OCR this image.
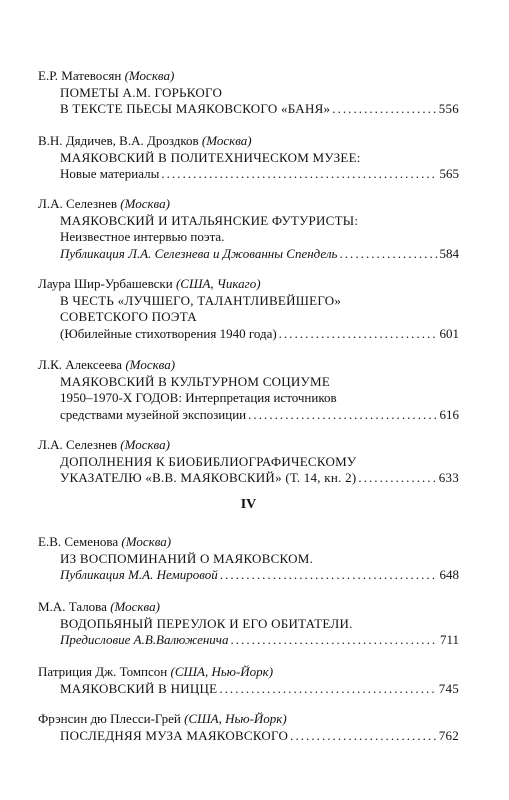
Е.Р. Матевосян (Москва)
ПОМЕТЫ А.М. ГОРЬКОГО
В ТЕКСТЕ ПЬЕСЫ МАЯКОВСКОГО «БАНЯ» . . .	556
В.Н. Дядичев, В.А. Дроздков (Москва)
МАЯКОВСКИЙ В ПОЛИТЕХНИЧЕСКОМ МУЗЕЕ:
Новые материалы . . .	565
Л.А. Селезнев (Москва)
МАЯКОВСКИЙ И ИТАЛЬЯНСКИЕ ФУТУРИСТЫ:
Неизвестное интервью поэта.
Публикация Л.А. Селезнева и Джованны Спендель . . .	584
Лаура Шир-Урбашевски (США, Чикаго)
В ЧЕСТЬ «ЛУЧШЕГО, ТАЛАНТЛИВЕЙШЕГО»
СОВЕТСКОГО ПОЭТА
(Юбилейные стихотворения 1940 года) . . .	601
Л.К. Алексеева (Москва)
МАЯКОВСКИЙ В КУЛЬТУРНОМ СОЦИУМЕ
1950–1970-Х ГОДОВ: Интерпретация источников
средствами музейной экспозиции . . .	616
Л.А. Селезнев (Москва)
ДОПОЛНЕНИЯ К БИОБИБЛИОГРАФИЧЕСКОМУ
УКАЗАТЕЛЮ «В.В. МАЯКОВСКИЙ» (Т. 14, кн. 2) . . .	633
IV
Е.В. Семенова (Москва)
ИЗ ВОСПОМИНАНИЙ О МАЯКОВСКОМ.
Публикация М.А. Немировой . . .	648
М.А. Талова (Москва)
ВОДОПЬЯНЫЙ ПЕРЕУЛОК И ЕГО ОБИТАТЕЛИ.
Предисловие А.В.Валюженича . . .	711
Патриция Дж. Томпсон (США, Нью-Йорк)
МАЯКОВСКИЙ В НИЦЦЕ . . .	745
Фрэнсин дю Плесси-Грей (США, Нью-Йорк)
ПОСЛЕДНЯЯ МУЗА МАЯКОВСКОГО . . .	762
